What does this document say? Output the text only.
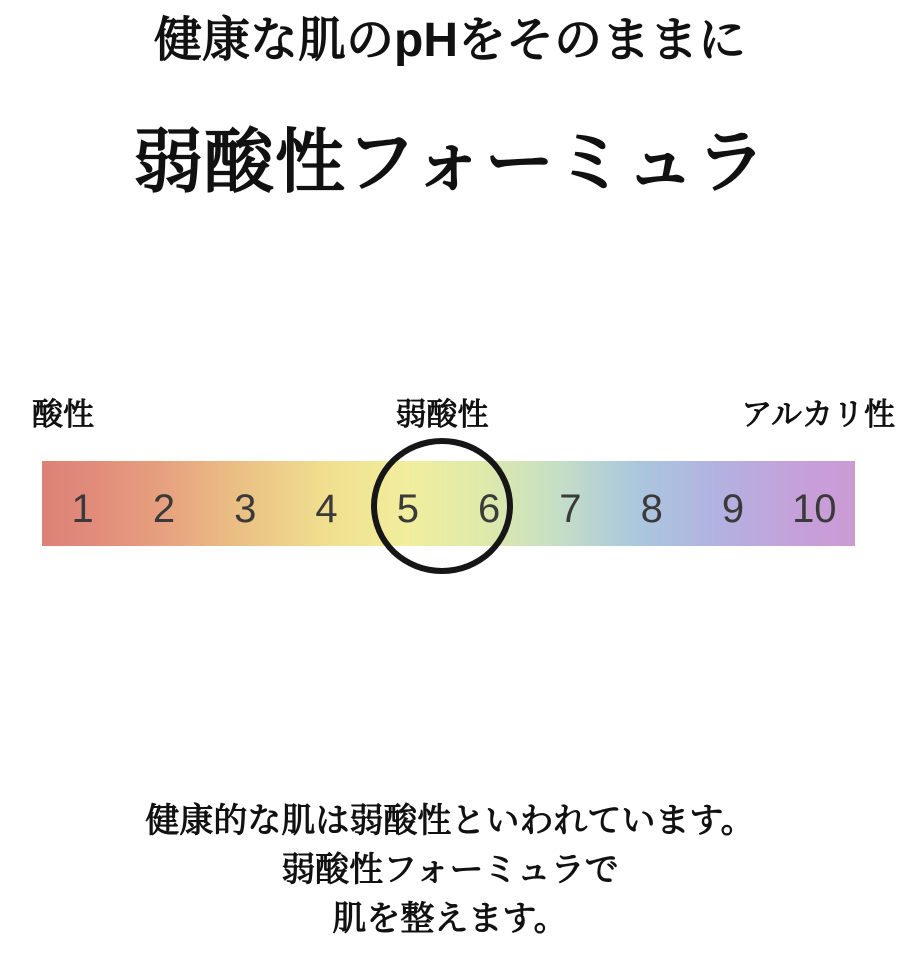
健康な肌のpHをそのままに
弱酸性フォーミュラ
酸性	弱酸性	アルカリ性
1	2	3	4	5	6	7	8	9	10
健康的な肌は弱酸性といわれています。
弱酸性フォーミュラで
肌を整えます。
